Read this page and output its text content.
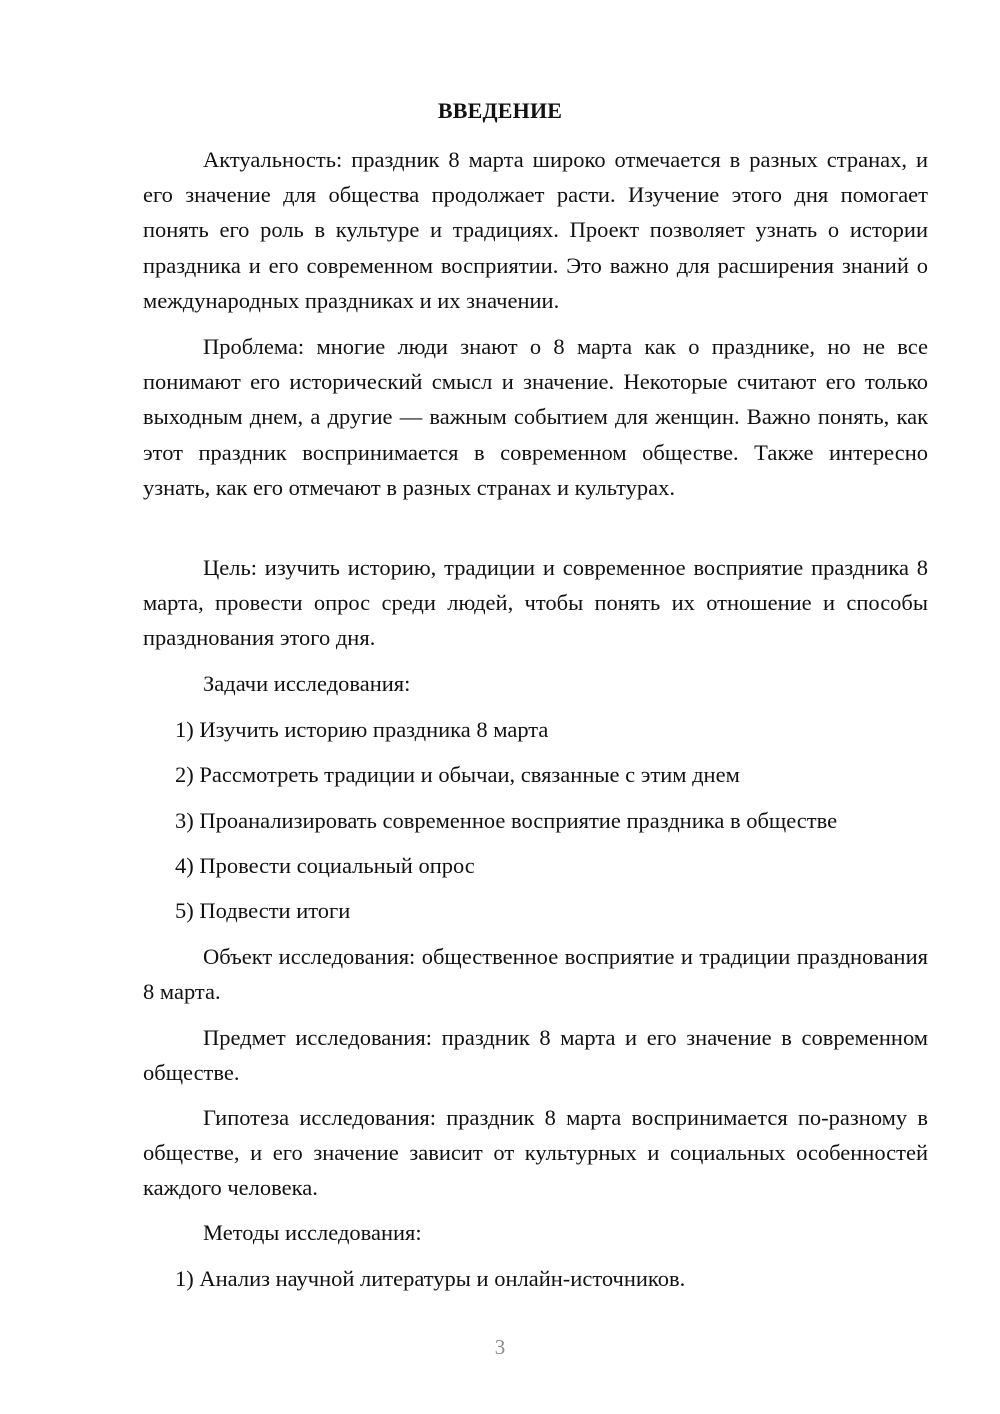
ВВЕДЕНИЕ

Актуальность: праздник 8 марта широко отмечается в разных странах, и его значение для общества продолжает расти. Изучение этого дня помогает понять его роль в культуре и традициях. Проект позволяет узнать о истории праздника и его современном восприятии. Это важно для расширения знаний о международных праздниках и их значении.

Проблема: многие люди знают о 8 марта как о празднике, но не все понимают его исторический смысл и значение. Некоторые считают его только выходным днем, а другие — важным событием для женщин. Важно понять, как этот праздник воспринимается в современном обществе. Также интересно узнать, как его отмечают в разных странах и культурах.

Цель: изучить историю, традиции и современное восприятие праздника 8 марта, провести опрос среди людей, чтобы понять их отношение и способы празднования этого дня.

Задачи исследования:

1) Изучить историю праздника 8 марта

2) Рассмотреть традиции и обычаи, связанные с этим днем

3) Проанализировать современное восприятие праздника в обществе

4) Провести социальный опрос

5) Подвести итоги

Объект исследования: общественное восприятие и традиции празднования 8 марта.

Предмет исследования: праздник 8 марта и его значение в современном обществе.

Гипотеза исследования: праздник 8 марта воспринимается по-разному в обществе, и его значение зависит от культурных и социальных особенностей каждого человека.

Методы исследования:

1) Анализ научной литературы и онлайн-источников.

3
